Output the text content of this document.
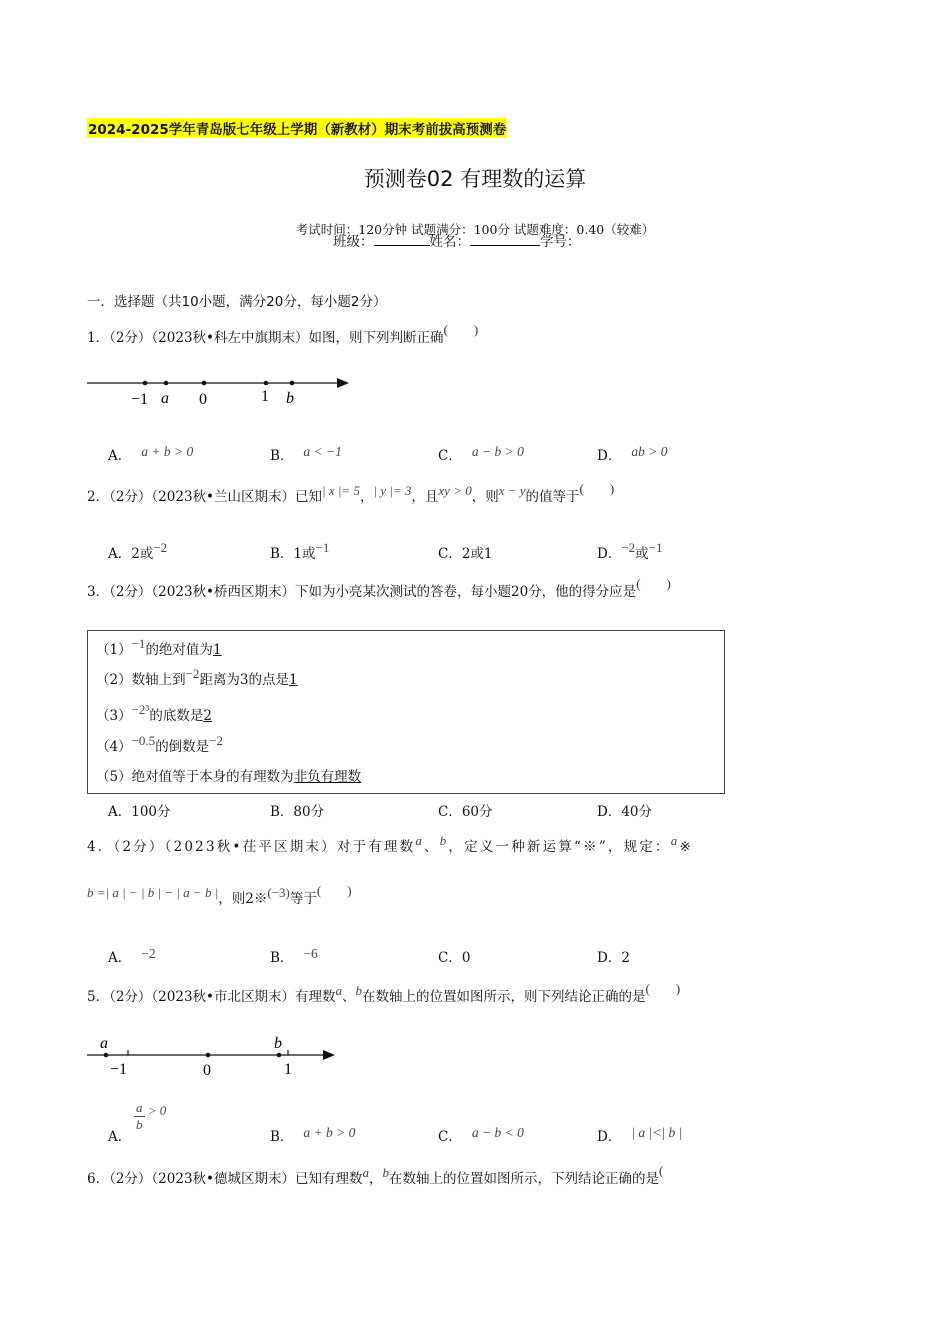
2024-2025学年青岛版七年级上学期（新教材）期末考前拔高预测卷
预测卷02 有理数的运算
考试时间：120分钟 试题满分：100分 试题难度：0.40（较难）
班级：	姓名：	学号：
一．选择题（共10小题，满分20分，每小题2分）
1．（2分）（2023秋•科左中旗期末）如图，则下列判断正确(　　)
−1 a 0	1 b
A． a + b > 0	B． a < −1	C． a − b > 0	D． ab > 0
2．（2分）（2023秋•兰山区期末）已知| x |= 5，| y |= 3，且xy > 0，则x − y的值等于(　　)
A．2或−2	B．1或−1	C．2或1	D．−2或−1
3．（2分）（2023秋•桥西区期末）下如为小亮某次测试的答卷，每小题20分，他的得分应是(　　)
（1）−1的绝对值为1
（2）数轴上到−2距离为3的点是1
（3）−2³的底数是2
（4）−0.5的倒数是−2
（5）绝对值等于本身的有理数为非负有理数
A．100分	B．80分	C．60分	D．40分
4．（2分）（2023秋•茌平区期末）对于有理数a、b，定义一种新运算“※”，规定：a※
b =| a | − | b | − | a − b |，则2※(−3)等于(　　)
A． −2	B． −6	C．0	D．2
5．（2分）（2023秋•市北区期末）有理数a、b在数轴上的位置如图所示，则下列结论正确的是(　　)
a
−1	0
b
1
A．
$\frac{a}{b} > 0$
B． a + b > 0	C． a − b < 0	D． | a |<| b |
6．（2分）（2023秋•德城区期末）已知有理数a，b在数轴上的位置如图所示，下列结论正确的是(
